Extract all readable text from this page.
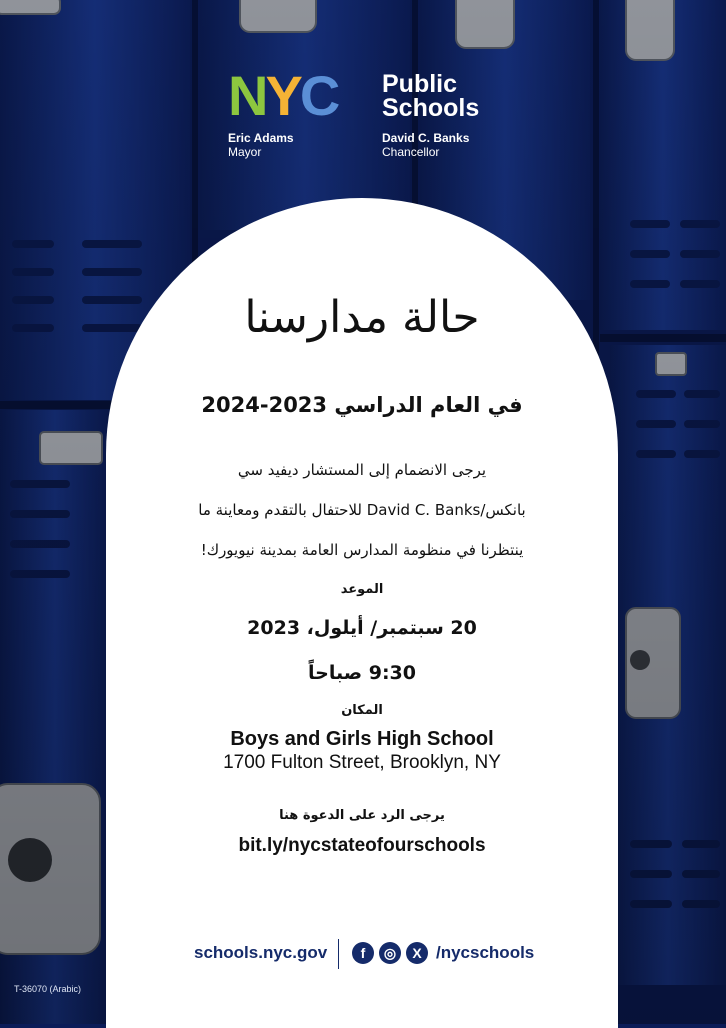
NYC Public
Schools
Eric Adams
Mayor
David C. Banks
Chancellor
حالة مدارسنا
في العام الدراسي 2023-2024
يرجى الانضمام إلى المستشار ديفيد سي
بانكس/David C. Banks للاحتفال بالتقدم ومعاينة ما
ينتظرنا في منظومة المدارس العامة بمدينة نيويورك!
الموعد
20 سبتمبر/ أيلول، 2023
9:30 صباحاً
المكان
Boys and Girls High School
1700 Fulton Street, Brooklyn, NY
يرجى الرد على الدعوة هنا
bit.ly/nycstateofourschools
schools.nyc.gov	f	◎	X /nycschools
T-36070 (Arabic)
